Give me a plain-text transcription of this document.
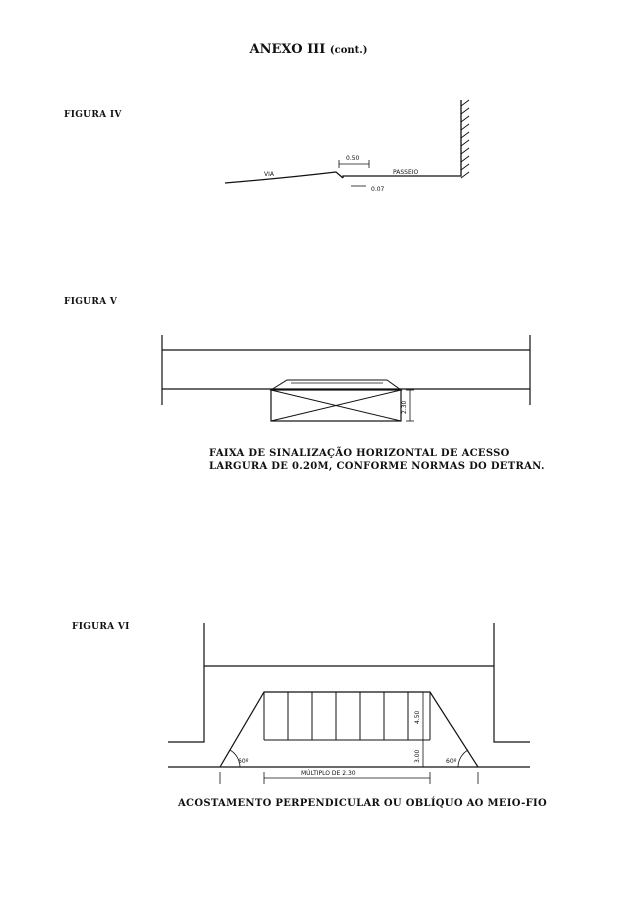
ANEXO III (cont.)
FIGURA IV
FIGURA V
FIGURA VI
FAIXA DE SINALIZAÇÃO HORIZONTAL DE ACESSO
LARGURA DE 0.20M, CONFORME NORMAS DO DETRAN.
ACOSTAMENTO PERPENDICULAR OU OBLÍQUO AO MEIO-FIO
VIA	PASSEIO
0.50
0.07
2.30
4.50
3.00
60º	60º
MÚLTIPLO DE 2.30
